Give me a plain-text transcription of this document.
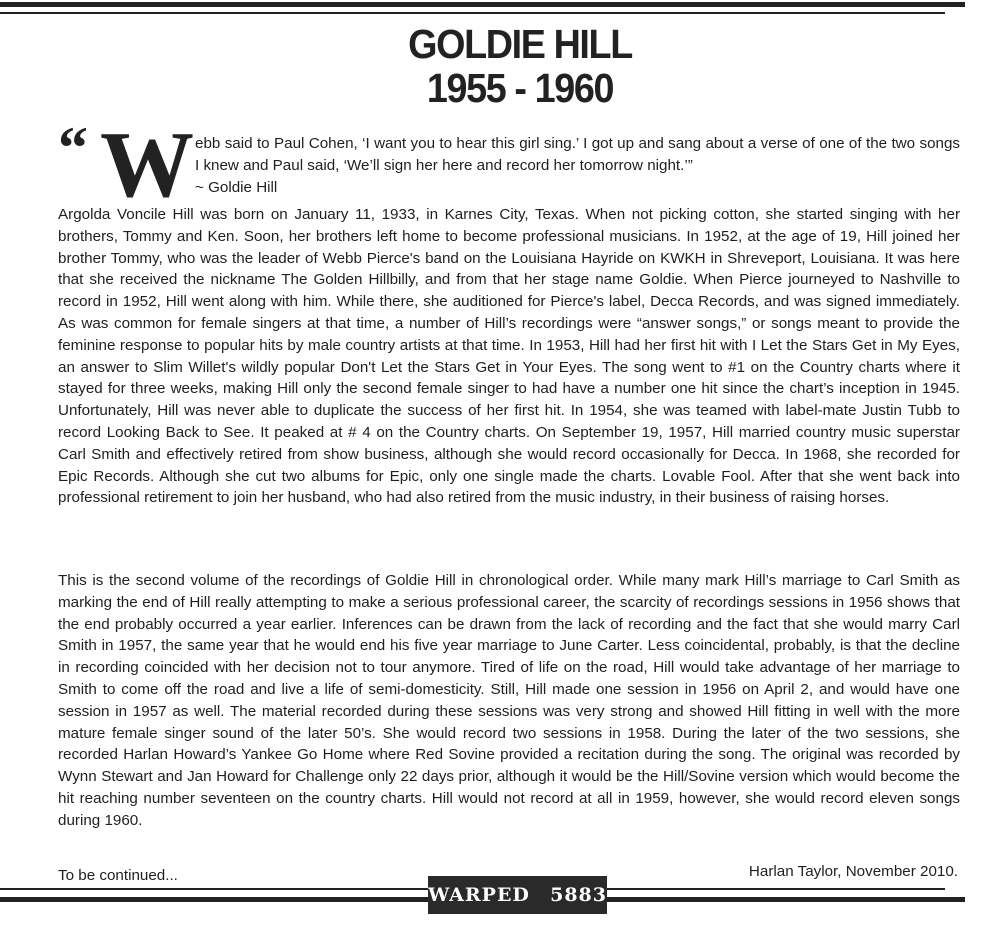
GOLDIE HILL
1955 - 1960
“ W ebb said to Paul Cohen, ‘I want you to hear this girl sing.’ I got up and sang about a verse of one of the two songs I knew and Paul said, ‘We’ll sign her here and record her tomorrow night.’”
~ Goldie Hill
Argolda Voncile Hill was born on January 11, 1933, in Karnes City, Texas. When not picking cotton, she started singing with her brothers, Tommy and Ken. Soon, her brothers left home to become professional musicians. In 1952, at the age of 19, Hill joined her brother Tommy, who was the leader of Webb Pierce's band on the Louisiana Hayride on KWKH in Shreveport, Louisiana. It was here that she received the nickname The Golden Hillbilly, and from that her stage name Goldie. When Pierce journeyed to Nashville to record in 1952, Hill went along with him. While there, she auditioned for Pierce's label, Decca Records, and was signed immediately. As was common for female singers at that time, a number of Hill’s recordings were “answer songs,” or songs meant to provide the feminine response to popular hits by male country artists at that time. In 1953, Hill had her first hit with I Let the Stars Get in My Eyes, an answer to Slim Willet's wildly popular Don't Let the Stars Get in Your Eyes. The song went to #1 on the Country charts where it stayed for three weeks, making Hill only the second female singer to had have a number one hit since the chart’s inception in 1945. Unfortunately, Hill was never able to duplicate the success of her first hit. In 1954, she was teamed with label-mate Justin Tubb to record Looking Back to See. It peaked at # 4 on the Country charts. On September 19, 1957, Hill married country music superstar Carl Smith and effectively retired from show business, although she would record occasionally for Decca. In 1968, she recorded for Epic Records. Although she cut two albums for Epic, only one single made the charts. Lovable Fool. After that she went back into professional retirement to join her husband, who had also retired from the music industry, in their business of raising horses.
This is the second volume of the recordings of Goldie Hill in chronological order. While many mark Hill’s marriage to Carl Smith as marking the end of Hill really attempting to make a serious professional career, the scarcity of recordings sessions in 1956 shows that the end probably occurred a year earlier. Inferences can be drawn from the lack of recording and the fact that she would marry Carl Smith in 1957, the same year that he would end his five year marriage to June Carter. Less coincidental, probably, is that the decline in recording coincided with her decision not to tour anymore. Tired of life on the road, Hill would take advantage of her marriage to Smith to come off the road and live a life of semi-domesticity. Still, Hill made one session in 1956 on April 2, and would have one session in 1957 as well. The material recorded during these sessions was very strong and showed Hill fitting in well with the more mature female singer sound of the later 50’s. She would record two sessions in 1958. During the later of the two sessions, she recorded Harlan Howard’s Yankee Go Home where Red Sovine provided a recitation during the song. The original was recorded by Wynn Stewart and Jan Howard for Challenge only 22 days prior, although it would be the Hill/Sovine version which would become the hit reaching number seventeen on the country charts. Hill would not record at all in 1959, however, she would record eleven songs during 1960.
To be continued...	Harlan Taylor, November 2010.
WARPED 5883
